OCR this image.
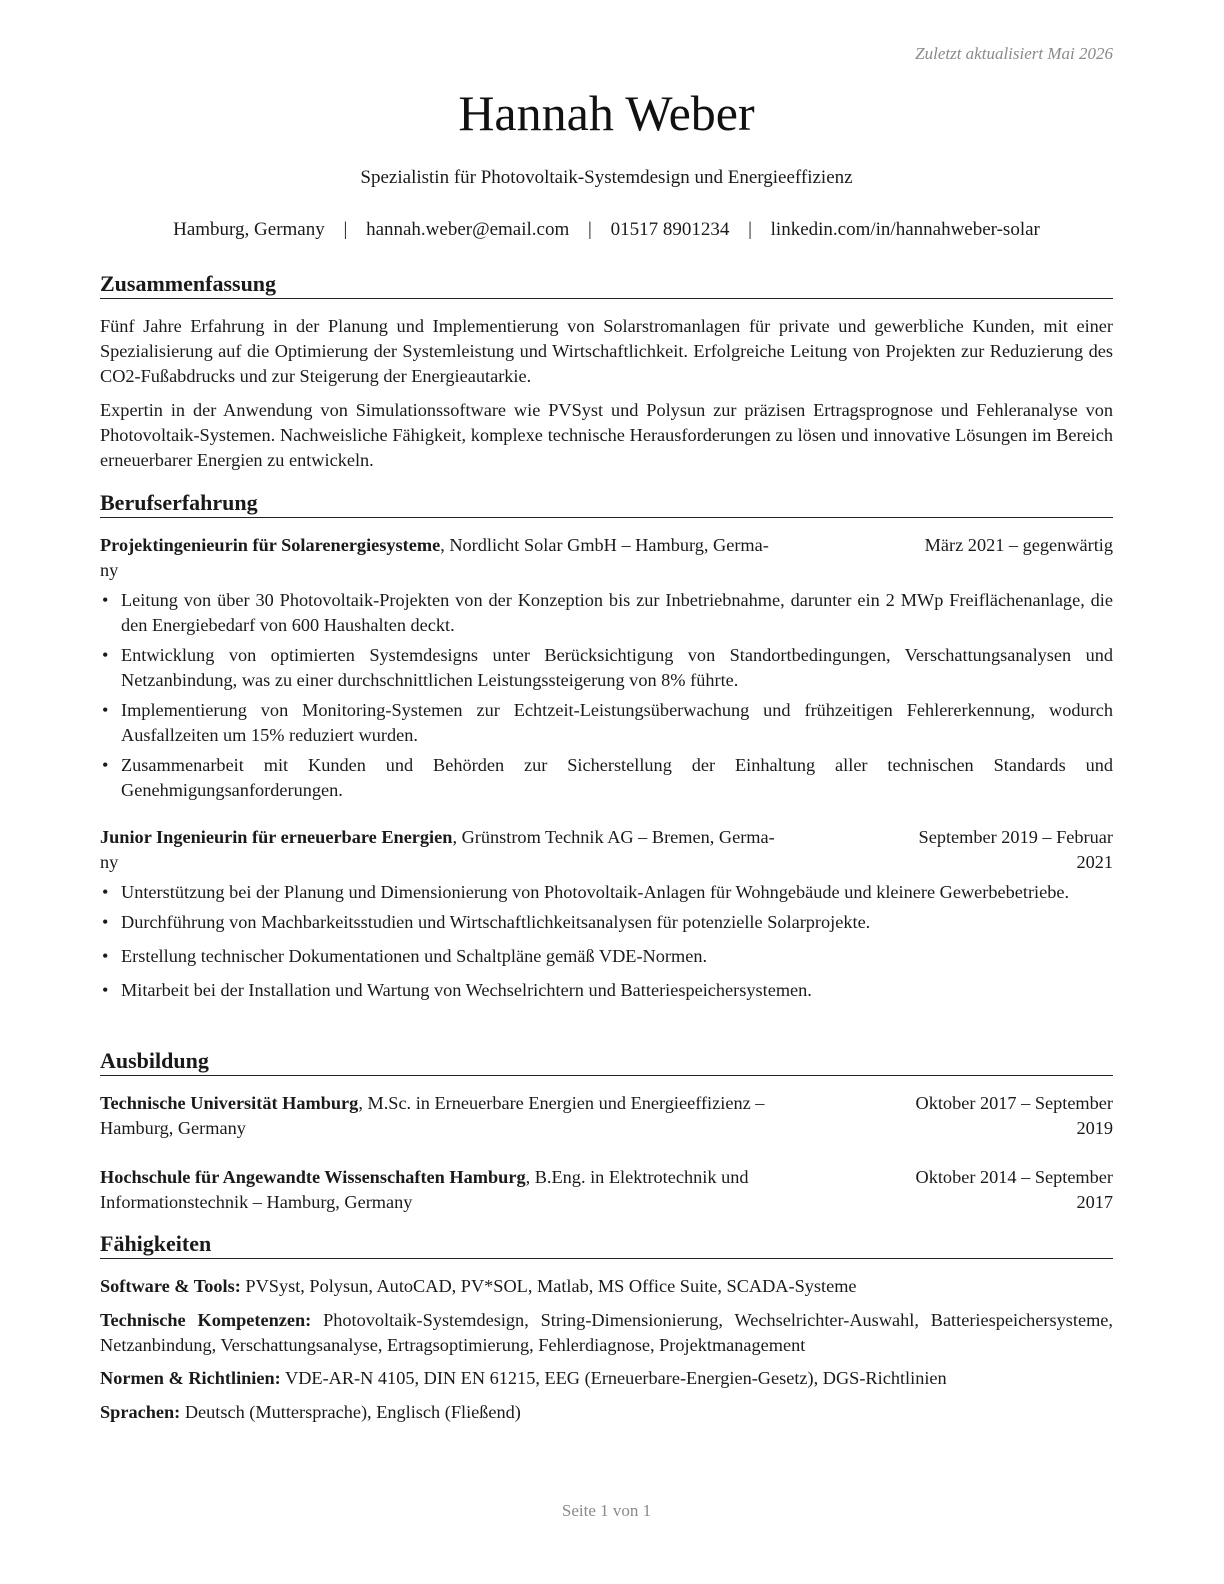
Zuletzt aktualisiert Mai 2026
Hannah Weber
Spezialistin für Photovoltaik-Systemdesign und Energieeffizienz
Hamburg, Germany | hannah.weber@email.com | 01517 8901234 | linkedin.com/in/hannahweber-solar
Zusammenfassung
Fünf Jahre Erfahrung in der Planung und Implementierung von Solarstromanlagen für private und gewerbliche Kunden, mit einer Spezialisierung auf die Optimierung der Systemleistung und Wirtschaftlichkeit. Erfolgreiche Leitung von Projekten zur Reduzierung des CO2-Fußabdrucks und zur Steigerung der Energieautarkie.
Expertin in der Anwendung von Simulationssoftware wie PVSyst und Polysun zur präzisen Ertragsprognose und Fehleranalyse von Photovoltaik-Systemen. Nachweisliche Fähigkeit, komplexe technische Herausforderungen zu lösen und innovative Lösungen im Bereich erneuerbarer Energien zu entwickeln.
Berufserfahrung
Projektingenieurin für Solarenergiesysteme, Nordlicht Solar GmbH – Hamburg, Germa-
ny
März 2021 – gegenwärtig
• Leitung von über 30 Photovoltaik-Projekten von der Konzeption bis zur Inbetriebnahme, darunter ein 2 MWp Freiflächenanlage, die den Energiebedarf von 600 Haushalten deckt.
• Entwicklung von optimierten Systemdesigns unter Berücksichtigung von Standortbedingungen, Verschattungsanalysen und Netzanbindung, was zu einer durchschnittlichen Leistungssteigerung von 8% führte.
• Implementierung von Monitoring-Systemen zur Echtzeit-Leistungsüberwachung und frühzeitigen Fehlererkennung, wodurch Ausfallzeiten um 15% reduziert wurden.
• Zusammenarbeit mit Kunden und Behörden zur Sicherstellung der Einhaltung aller technischen Standards und Genehmigungsanforderungen.
Junior Ingenieurin für erneuerbare Energien, Grünstrom Technik AG – Bremen, Germa-
ny
September 2019 – Februar
2021
• Unterstützung bei der Planung und Dimensionierung von Photovoltaik-Anlagen für Wohngebäude und kleinere Gewerbebetriebe.
• Durchführung von Machbarkeitsstudien und Wirtschaftlichkeitsanalysen für potenzielle Solarprojekte.
• Erstellung technischer Dokumentationen und Schaltpläne gemäß VDE-Normen.
• Mitarbeit bei der Installation und Wartung von Wechselrichtern und Batteriespeichersystemen.
Ausbildung
Technische Universität Hamburg, M.Sc. in Erneuerbare Energien und Energieeffizienz –
Hamburg, Germany
Oktober 2017 – September
2019
Hochschule für Angewandte Wissenschaften Hamburg, B.Eng. in Elektrotechnik und
Informationstechnik – Hamburg, Germany
Oktober 2014 – September
2017
Fähigkeiten
Software & Tools: PVSyst, Polysun, AutoCAD, PV*SOL, Matlab, MS Office Suite, SCADA-Systeme
Technische Kompetenzen: Photovoltaik-Systemdesign, String-Dimensionierung, Wechselrichter-Auswahl, Batteriespeichersysteme, Netzanbindung, Verschattungsanalyse, Ertragsoptimierung, Fehlerdiagnose, Projektmanagement
Normen & Richtlinien: VDE-AR-N 4105, DIN EN 61215, EEG (Erneuerbare-Energien-Gesetz), DGS-Richtlinien
Sprachen: Deutsch (Muttersprache), Englisch (Fließend)
Seite 1 von 1
